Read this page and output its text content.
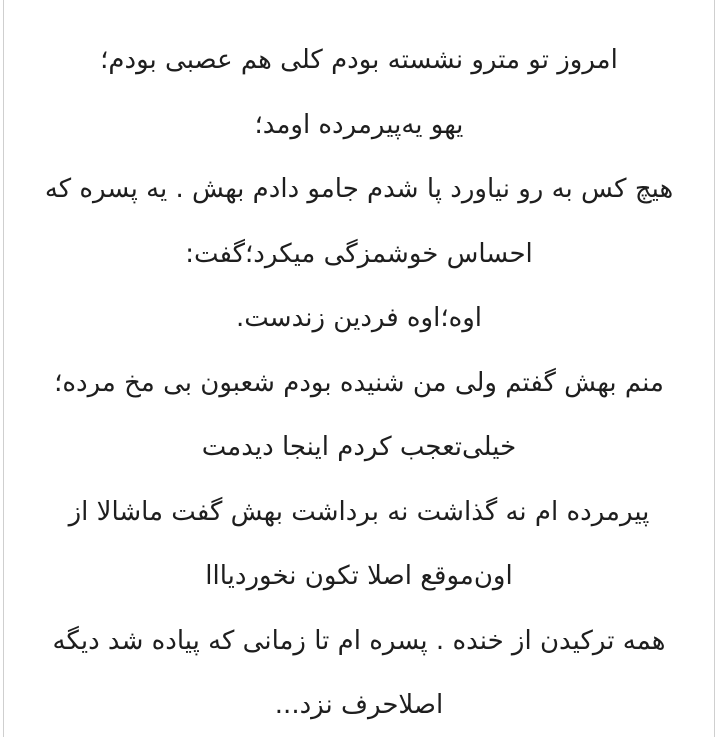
امروز تو مترو نشسته بودم کلی هم عصبی بودم؛
یهو یه‌پیرمرده اومد؛
هیچ کس به رو نیاورد پا شدم جامو دادم بهش . یه پسره که
احساس خوشمزگی میکرد؛گفت:
اوه؛اوه فردین زندست.
منم بهش گفتم ولی من شنیده بودم شعبون بی مخ مرده؛
خیلی‌تعجب کردم اینجا دیدمت
پیرمرده ام نه گذاشت نه برداشت بهش گفت ماشالا از
اون‌موقع اصلا تکون نخوردیااا
همه ترکیدن از خنده . پسره ام تا زمانی که پیاده شد دیگه
اصلاحرف نزد...
